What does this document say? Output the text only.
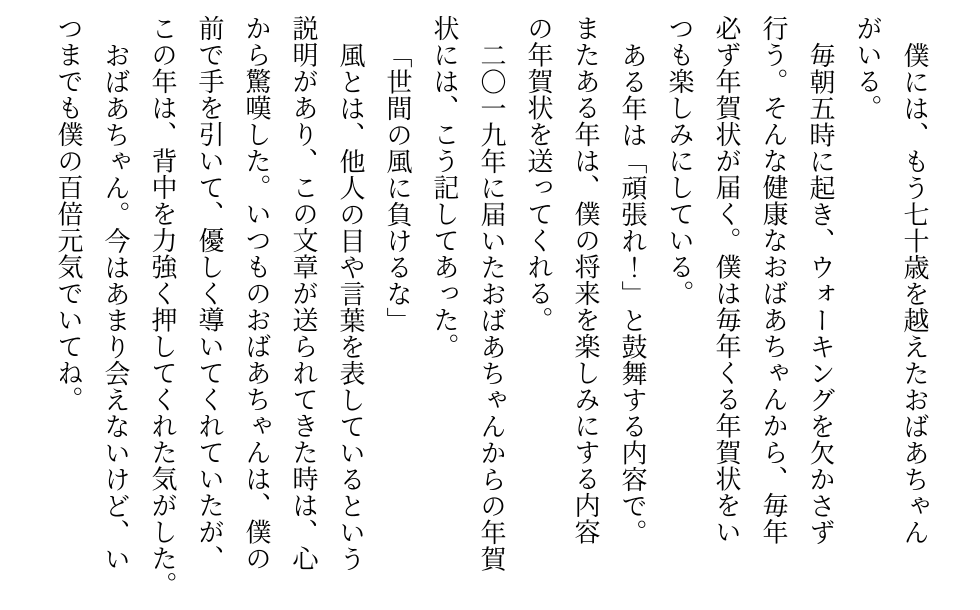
僕には、もう七十歳を越えたおばあちゃん
がいる。
毎朝五時に起き、ウォーキングを欠かさず
行う。そんな健康なおばあちゃんから、毎年
必ず年賀状が届く。僕は毎年くる年賀状をい
つも楽しみにしている。
ある年は「頑張れ！」と鼓舞する内容で。
またある年は、僕の将来を楽しみにする内容
の年賀状を送ってくれる。
二〇一九年に届いたおばあちゃんからの年賀
状には、こう記してあった。
「世間の風に負けるな」
風とは、他人の目や言葉を表しているという
説明があり、この文章が送られてきた時は、心
から驚嘆した。いつものおばあちゃんは、僕の
前で手を引いて、優しく導いてくれていたが、
この年は、背中を力強く押してくれた気がした。
おばあちゃん。今はあまり会えないけど、い
つまでも僕の百倍元気でいてね。
